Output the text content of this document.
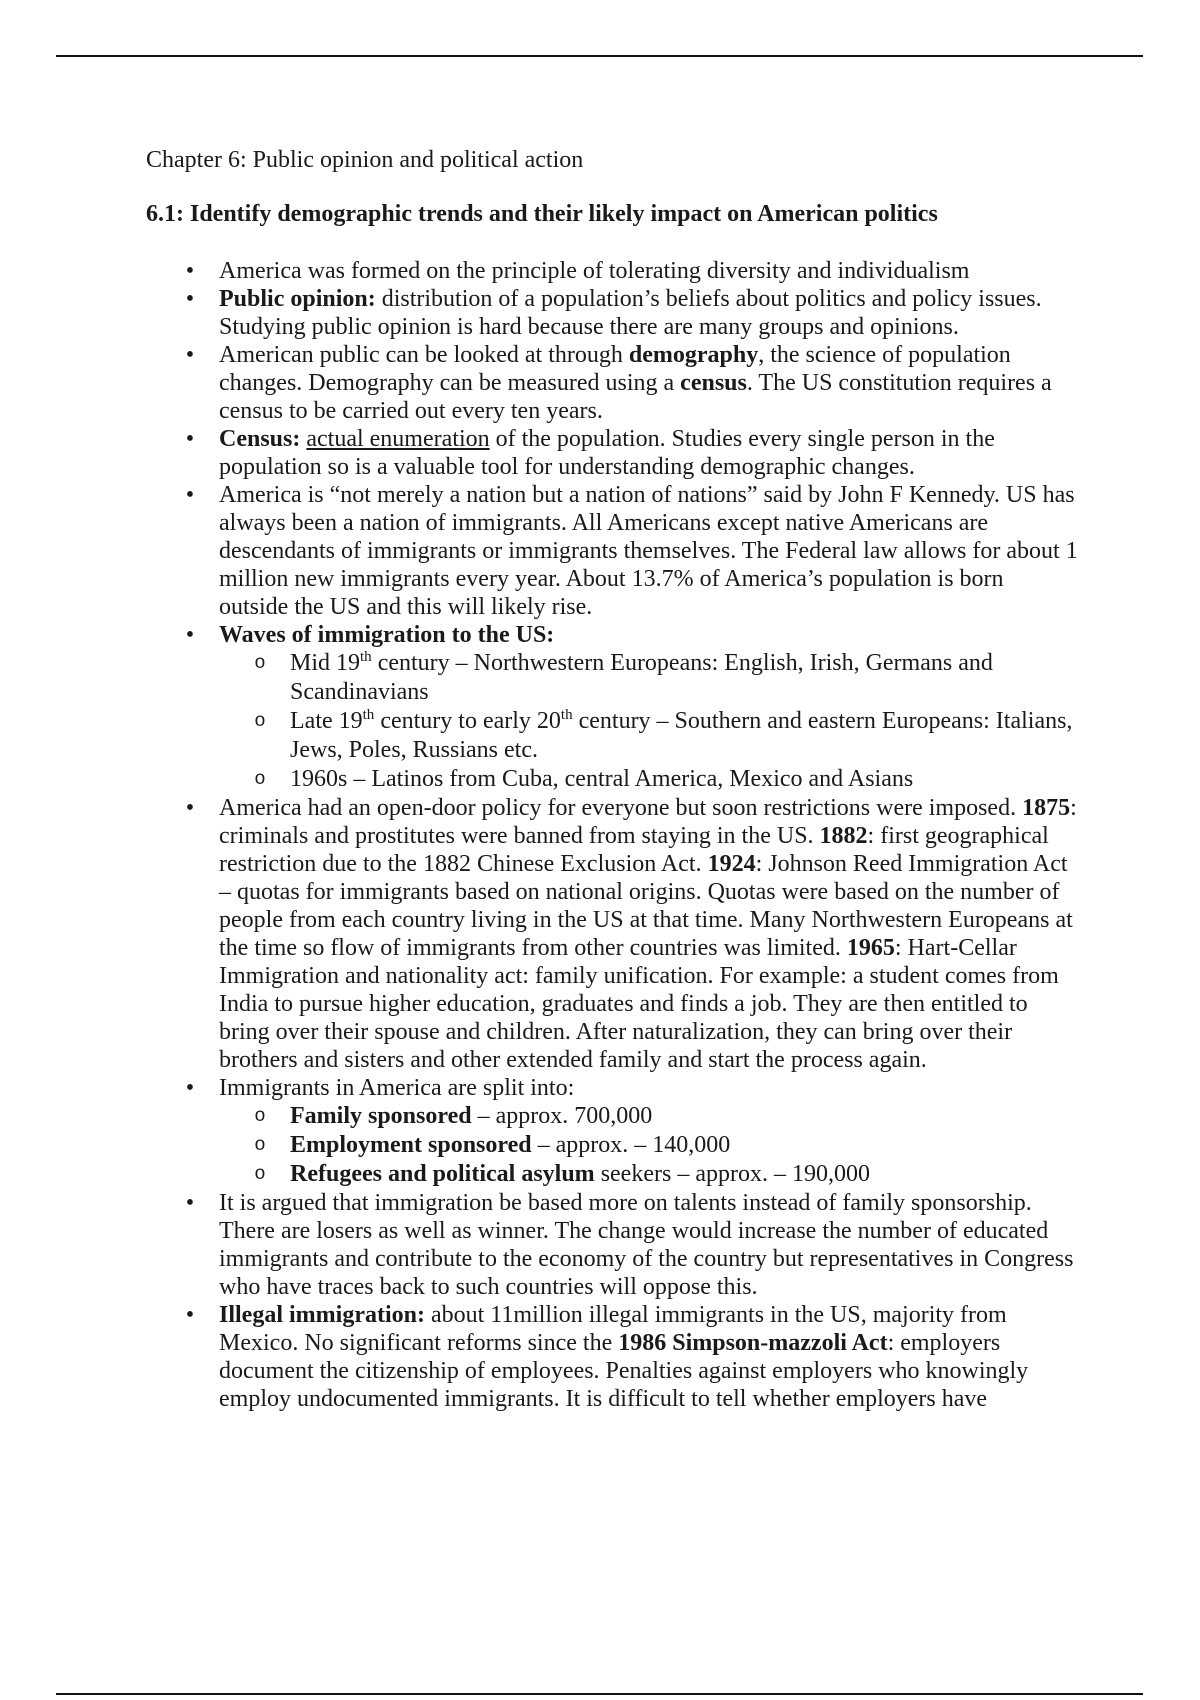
Chapter 6: Public opinion and political action

6.1: Identify demographic trends and their likely impact on American politics

• America was formed on the principle of tolerating diversity and individualism
• Public opinion: distribution of a population’s beliefs about politics and policy issues.
Studying public opinion is hard because there are many groups and opinions.
• American public can be looked at through demography, the science of population
changes. Demography can be measured using a census. The US constitution requires a
census to be carried out every ten years.
• Census: actual enumeration of the population. Studies every single person in the
population so is a valuable tool for understanding demographic changes.
• America is “not merely a nation but a nation of nations” said by John F Kennedy. US has
always been a nation of immigrants. All Americans except native Americans are
descendants of immigrants or immigrants themselves. The Federal law allows for about 1
million new immigrants every year. About 13.7% of America’s population is born
outside the US and this will likely rise.
• Waves of immigration to the US:
o Mid 19th century – Northwestern Europeans: English, Irish, Germans and
Scandinavians
o Late 19th century to early 20th century – Southern and eastern Europeans: Italians,
Jews, Poles, Russians etc.
o 1960s – Latinos from Cuba, central America, Mexico and Asians
• America had an open-door policy for everyone but soon restrictions were imposed. 1875:
criminals and prostitutes were banned from staying in the US. 1882: first geographical
restriction due to the 1882 Chinese Exclusion Act. 1924: Johnson Reed Immigration Act
– quotas for immigrants based on national origins. Quotas were based on the number of
people from each country living in the US at that time. Many Northwestern Europeans at
the time so flow of immigrants from other countries was limited. 1965: Hart-Cellar
Immigration and nationality act: family unification. For example: a student comes from
India to pursue higher education, graduates and finds a job. They are then entitled to
bring over their spouse and children. After naturalization, they can bring over their
brothers and sisters and other extended family and start the process again.
• Immigrants in America are split into:
o Family sponsored – approx. 700,000
o Employment sponsored – approx. – 140,000
o Refugees and political asylum seekers – approx. – 190,000
• It is argued that immigration be based more on talents instead of family sponsorship.
There are losers as well as winner. The change would increase the number of educated
immigrants and contribute to the economy of the country but representatives in Congress
who have traces back to such countries will oppose this.
• Illegal immigration: about 11million illegal immigrants in the US, majority from
Mexico. No significant reforms since the 1986 Simpson-mazzoli Act: employers
document the citizenship of employees. Penalties against employers who knowingly
employ undocumented immigrants. It is difficult to tell whether employers have
